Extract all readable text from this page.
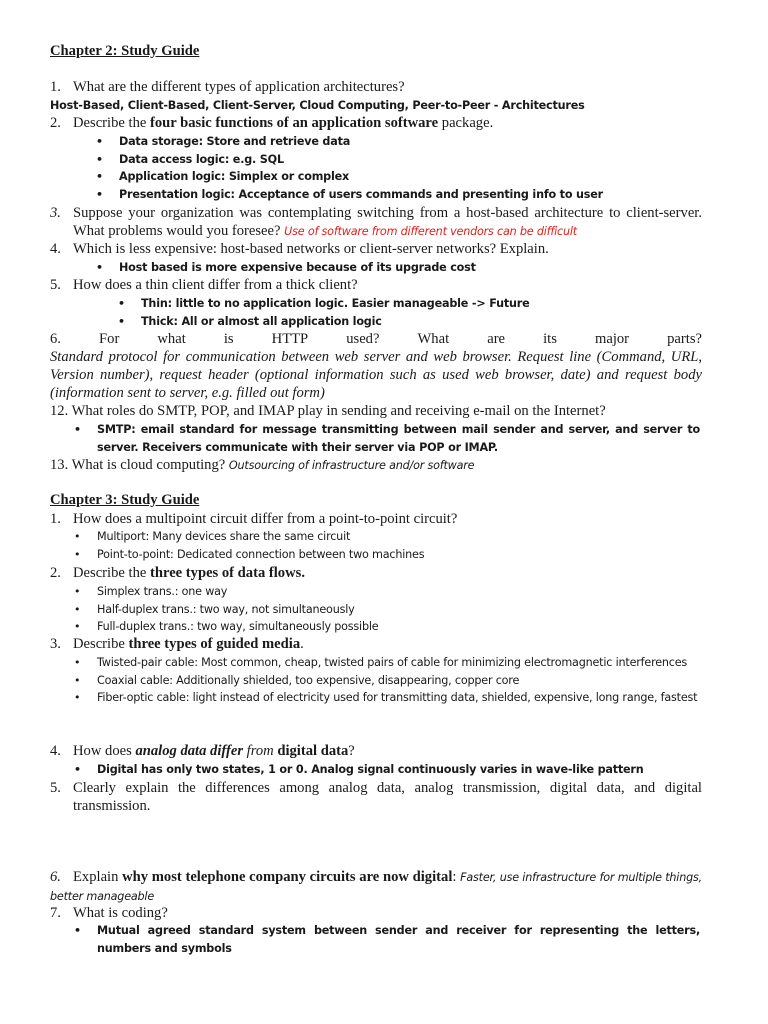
Chapter 2: Study Guide
1. What are the different types of application architectures?
Host-Based, Client-Based, Client-Server, Cloud Computing, Peer-to-Peer - Architectures
2. Describe the four basic functions of an application software package.
• Data storage: Store and retrieve data
• Data access logic: e.g. SQL
• Application logic: Simplex or complex
• Presentation logic: Acceptance of users commands and presenting info to user
3. Suppose your organization was contemplating switching from a host-based architecture to client-server. What problems would you foresee? Use of software from different vendors can be difficult
4. Which is less expensive: host-based networks or client-server networks? Explain.
• Host based is more expensive because of its upgrade cost
5. How does a thin client differ from a thick client?
• Thin: little to no application logic. Easier manageable -> Future
• Thick: All or almost all application logic
6.	For	what	is	HTTP	used?	What	are	its	major	parts?
Standard protocol for communication between web server and web browser. Request line (Command, URL, Version number), request header (optional information such as used web browser, date) and request body (information sent to server, e.g. filled out form)
12. What roles do SMTP, POP, and IMAP play in sending and receiving e-mail on the Internet?
• SMTP: email standard for message transmitting between mail sender and server, and server to server. Receivers communicate with their server via POP or IMAP.
13. What is cloud computing? Outsourcing of infrastructure and/or software
Chapter 3: Study Guide
1. How does a multipoint circuit differ from a point-to-point circuit?
• Multiport: Many devices share the same circuit
• Point-to-point: Dedicated connection between two machines
2. Describe the three types of data flows.
• Simplex trans.: one way
• Half-duplex trans.: two way, not simultaneously
• Full-duplex trans.: two way, simultaneously possible
3. Describe three types of guided media.
• Twisted-pair cable: Most common, cheap, twisted pairs of cable for minimizing electromagnetic interferences
• Coaxial cable: Additionally shielded, too expensive, disappearing, copper core
• Fiber-optic cable: light instead of electricity used for transmitting data, shielded, expensive, long range, fastest
4. How does analog data differ from digital data?
• Digital has only two states, 1 or 0. Analog signal continuously varies in wave-like pattern
5. Clearly explain the differences among analog data, analog transmission, digital data, and digital transmission.
6. Explain why most telephone company circuits are now digital: Faster, use infrastructure for multiple things, better manageable
7. What is coding?
• Mutual agreed standard system between sender and receiver for representing the letters, numbers and symbols
